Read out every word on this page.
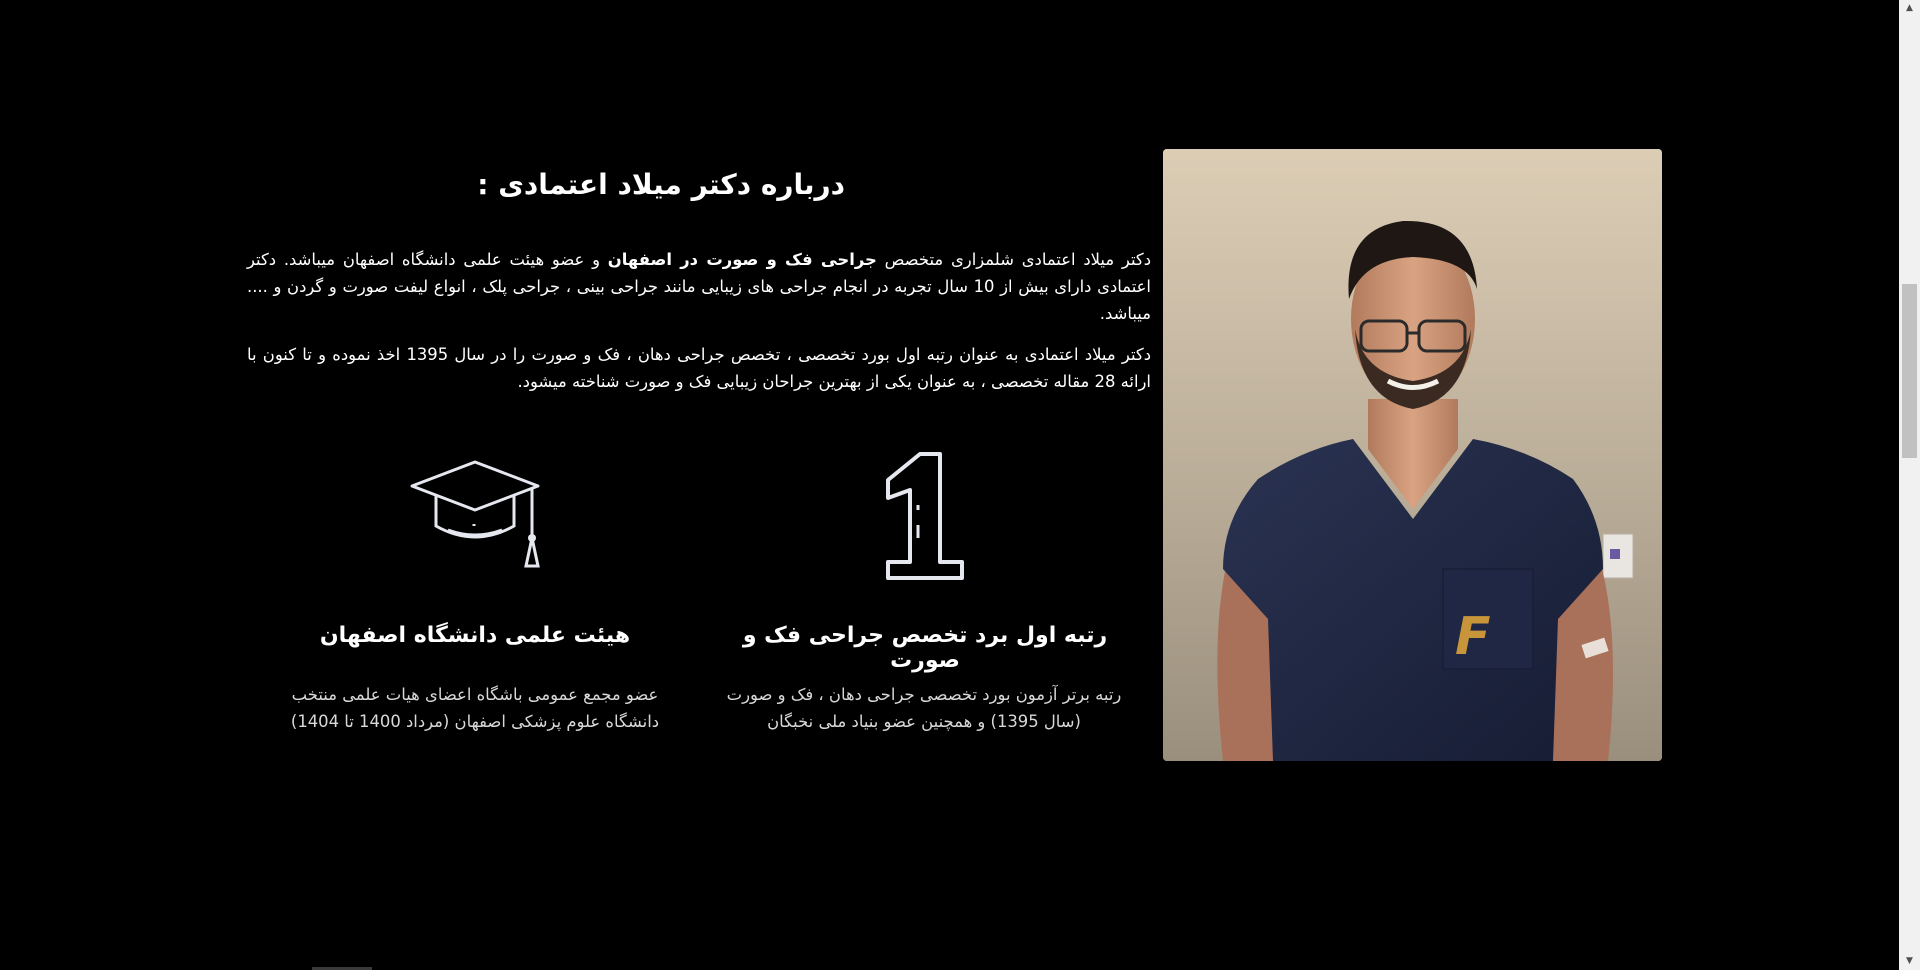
F
درباره دکتر میلاد اعتمادی :

دکتر میلاد اعتمادی شلمزاری متخصص جراحی فک و صورت در اصفهان و عضو هیئت علمی دانشگاه اصفهان میباشد. دکتر اعتمادی دارای بیش از 10 سال تجربه در انجام جراحی های زیبایی مانند جراحی بینی ، جراحی پلک ، انواع لیفت صورت و گردن و .... میباشد.

دکتر میلاد اعتمادی به عنوان رتبه اول بورد تخصصی ، تخصص جراحی دهان ، فک و صورت را در سال 1395 اخذ نموده و تا کنون با ارائه 28 مقاله تخصصی ، به عنوان یکی از بهترین جراحان زیبایی فک و صورت شناخته میشود.

هیئت علمی دانشگاه اصفهان	رتبه اول برد تخصص جراحی فک و صورت
عضو مجمع عمومی باشگاه اعضای هیات علمی منتخب
دانشگاه علوم پزشکی اصفهان (مرداد 1400 تا 1404)
رتبه برتر آزمون بورد تخصصی جراحی دهان ، فک و صورت
(سال 1395) و همچنین عضو بنیاد ملی نخبگان
▲
▼
